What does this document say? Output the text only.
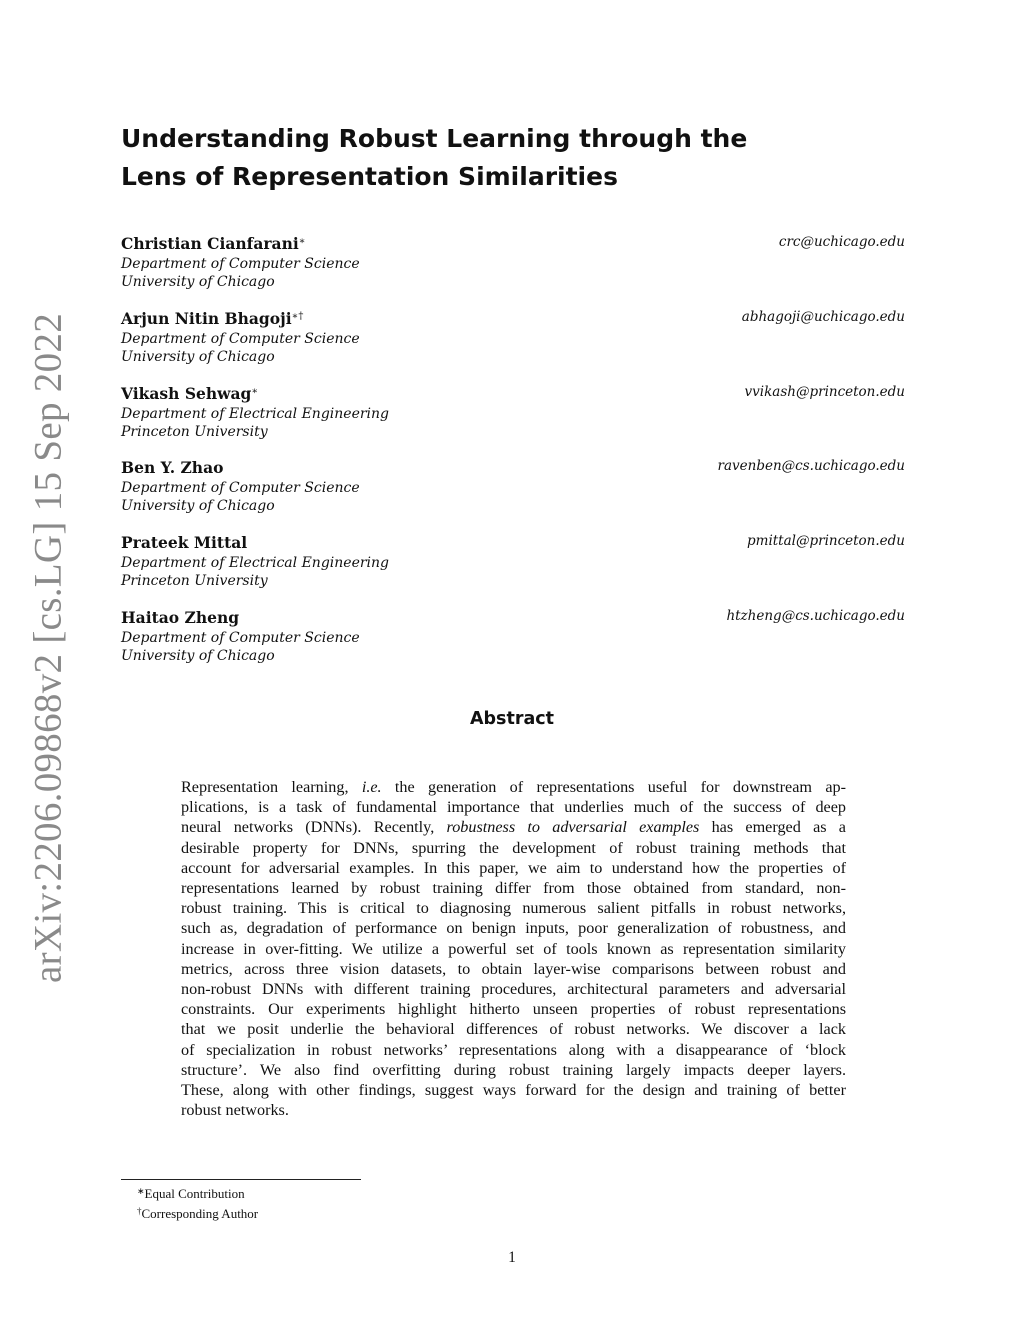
arXiv:2206.09868v2 [cs.LG] 15 Sep 2022
Understanding Robust Learning through the
Lens of Representation Similarities
Christian Cianfarani∗	crc@uchicago.edu
Department of Computer Science
University of Chicago
Arjun Nitin Bhagoji∗†	abhagoji@uchicago.edu
Department of Computer Science
University of Chicago
Vikash Sehwag∗	vvikash@princeton.edu
Department of Electrical Engineering
Princeton University
Ben Y. Zhao	ravenben@cs.uchicago.edu
Department of Computer Science
University of Chicago
Prateek Mittal	pmittal@princeton.edu
Department of Electrical Engineering
Princeton University
Haitao Zheng	htzheng@cs.uchicago.edu
Department of Computer Science
University of Chicago
Abstract
Representation learning, i.e. the generation of representations useful for downstream ap-
plications, is a task of fundamental importance that underlies much of the success of deep
neural networks (DNNs). Recently, robustness to adversarial examples has emerged as a
desirable property for DNNs, spurring the development of robust training methods that
account for adversarial examples. In this paper, we aim to understand how the properties of
representations learned by robust training differ from those obtained from standard, non-
robust training. This is critical to diagnosing numerous salient pitfalls in robust networks,
such as, degradation of performance on benign inputs, poor generalization of robustness, and
increase in over-fitting. We utilize a powerful set of tools known as representation similarity
metrics, across three vision datasets, to obtain layer-wise comparisons between robust and
non-robust DNNs with different training procedures, architectural parameters and adversarial
constraints. Our experiments highlight hitherto unseen properties of robust representations
that we posit underlie the behavioral differences of robust networks. We discover a lack
of specialization in robust networks’ representations along with a disappearance of ‘block
structure’. We also find overfitting during robust training largely impacts deeper layers.
These, along with other findings, suggest ways forward for the design and training of better
robust networks.
∗Equal Contribution
†Corresponding Author
1
